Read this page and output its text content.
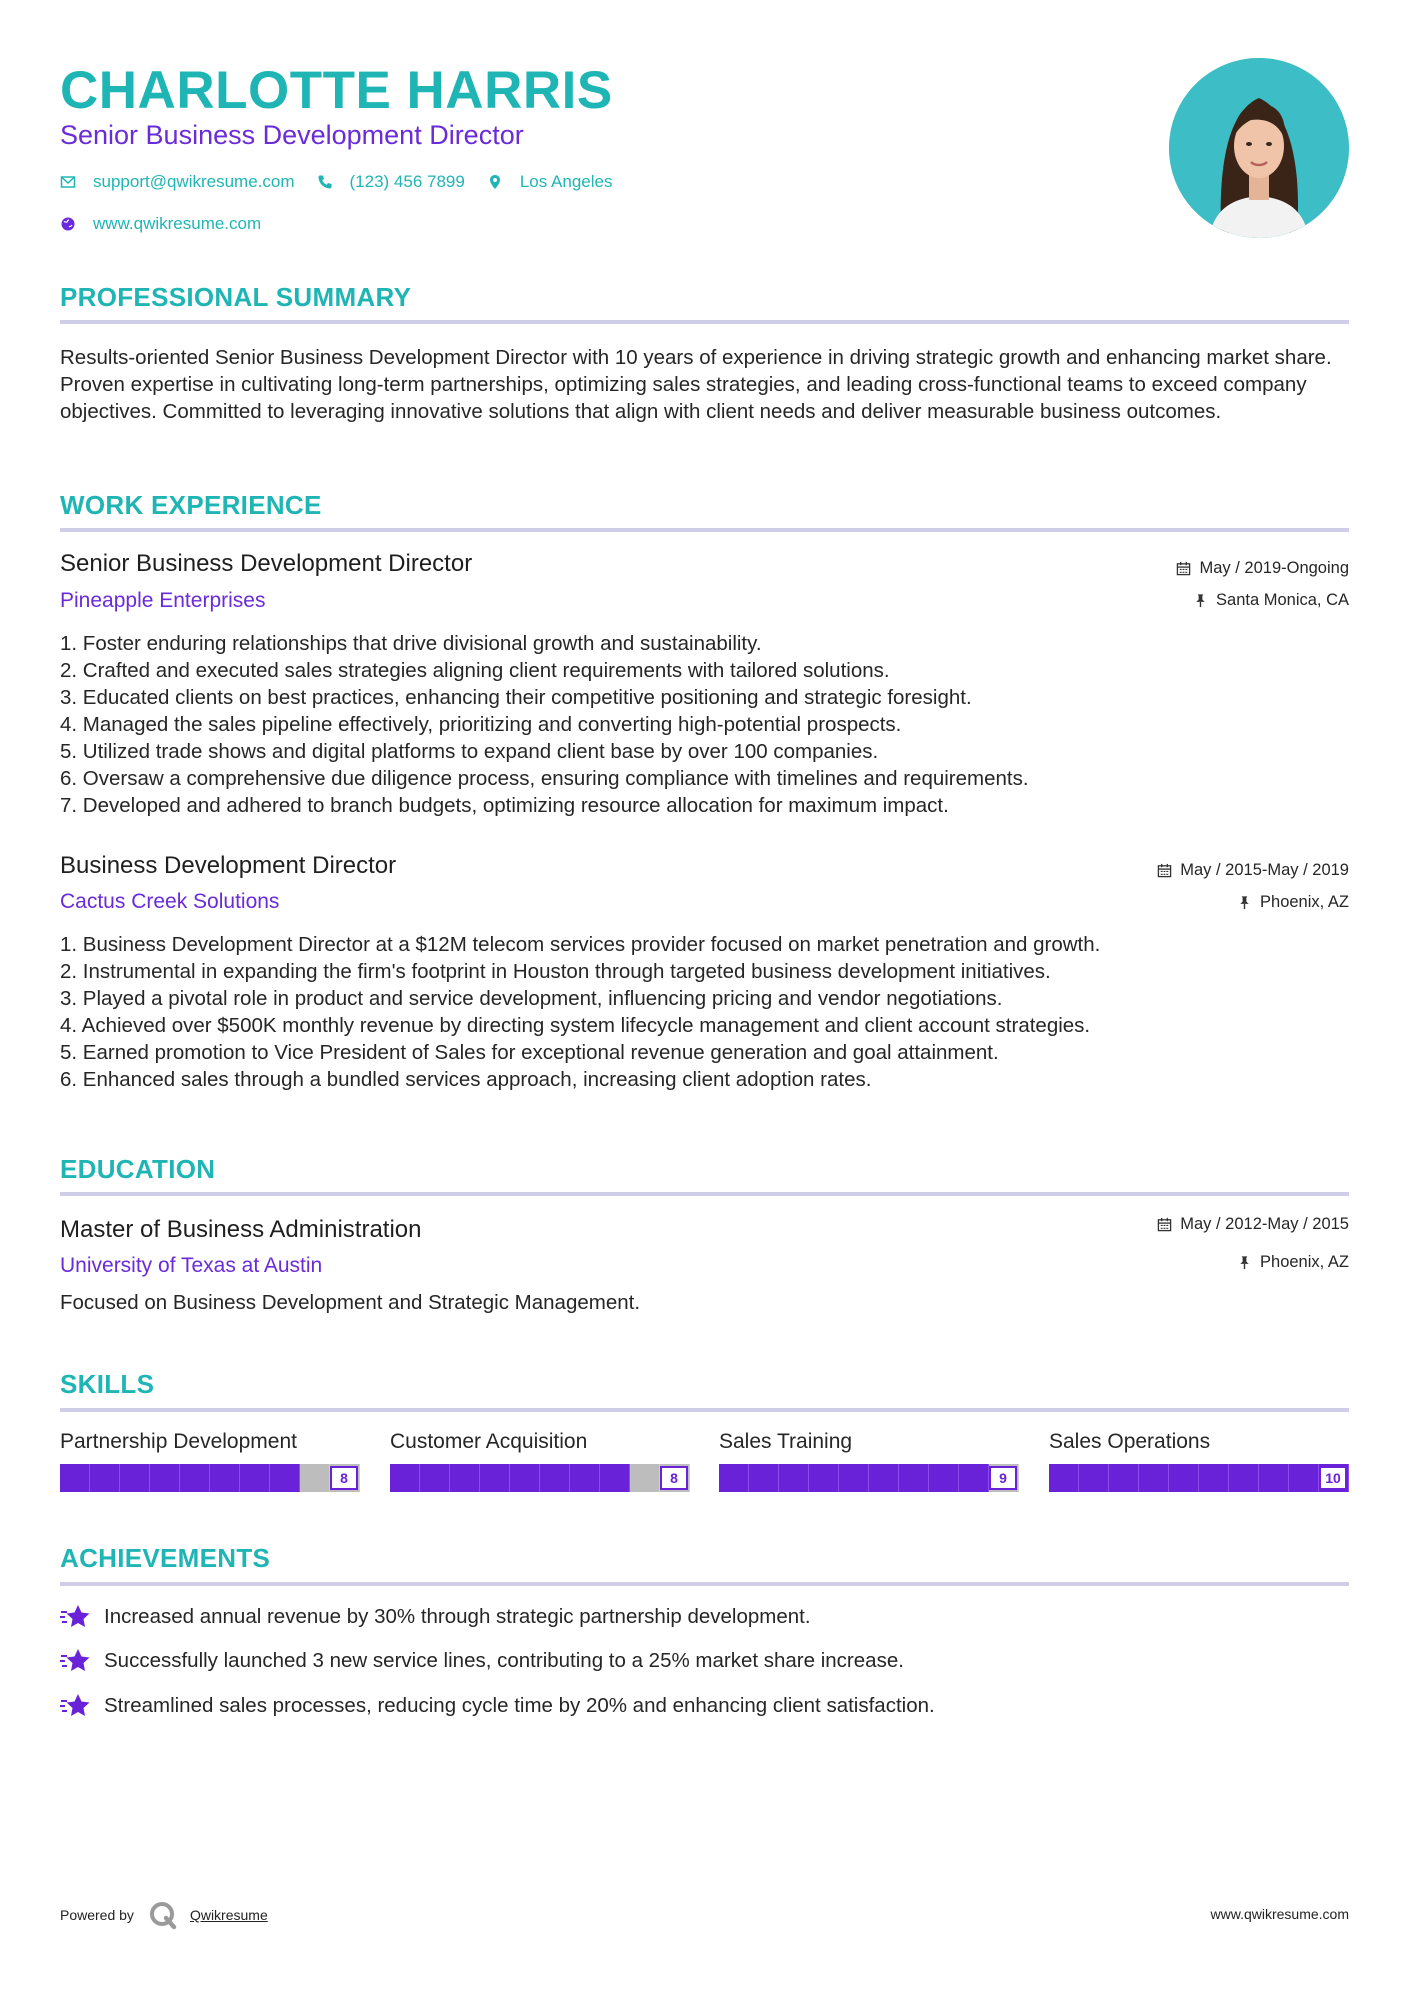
CHARLOTTE HARRIS
Senior Business Development Director
support@qwikresume.com	(123) 456 7899	Los Angeles
www.qwikresume.com
PROFESSIONAL SUMMARY
Results-oriented Senior Business Development Director with 10 years of experience in driving strategic growth and enhancing market share. Proven expertise in cultivating long-term partnerships, optimizing sales strategies, and leading cross-functional teams to exceed company objectives. Committed to leveraging innovative solutions that align with client needs and deliver measurable business outcomes.
WORK EXPERIENCE
Senior Business Development Director
Pineapple Enterprises
May / 2019-Ongoing
Santa Monica, CA
1. Foster enduring relationships that drive divisional growth and sustainability.
2. Crafted and executed sales strategies aligning client requirements with tailored solutions.
3. Educated clients on best practices, enhancing their competitive positioning and strategic foresight.
4. Managed the sales pipeline effectively, prioritizing and converting high-potential prospects.
5. Utilized trade shows and digital platforms to expand client base by over 100 companies.
6. Oversaw a comprehensive due diligence process, ensuring compliance with timelines and requirements.
7. Developed and adhered to branch budgets, optimizing resource allocation for maximum impact.
Business Development Director
Cactus Creek Solutions
May / 2015-May / 2019
Phoenix, AZ
1. Business Development Director at a $12M telecom services provider focused on market penetration and growth.
2. Instrumental in expanding the firm's footprint in Houston through targeted business development initiatives.
3. Played a pivotal role in product and service development, influencing pricing and vendor negotiations.
4. Achieved over $500K monthly revenue by directing system lifecycle management and client account strategies.
5. Earned promotion to Vice President of Sales for exceptional revenue generation and goal attainment.
6. Enhanced sales through a bundled services approach, increasing client adoption rates.
EDUCATION
Master of Business Administration
University of Texas at Austin
May / 2012-May / 2015
Phoenix, AZ
Focused on Business Development and Strategic Management.
SKILLS
Partnership Development
8
Customer Acquisition
8
Sales Training
9
Sales Operations
10
ACHIEVEMENTS
Increased annual revenue by 30% through strategic partnership development.
Successfully launched 3 new service lines, contributing to a 25% market share increase.
Streamlined sales processes, reducing cycle time by 20% and enhancing client satisfaction.
Powered by	Qwikresume	www.qwikresume.com
